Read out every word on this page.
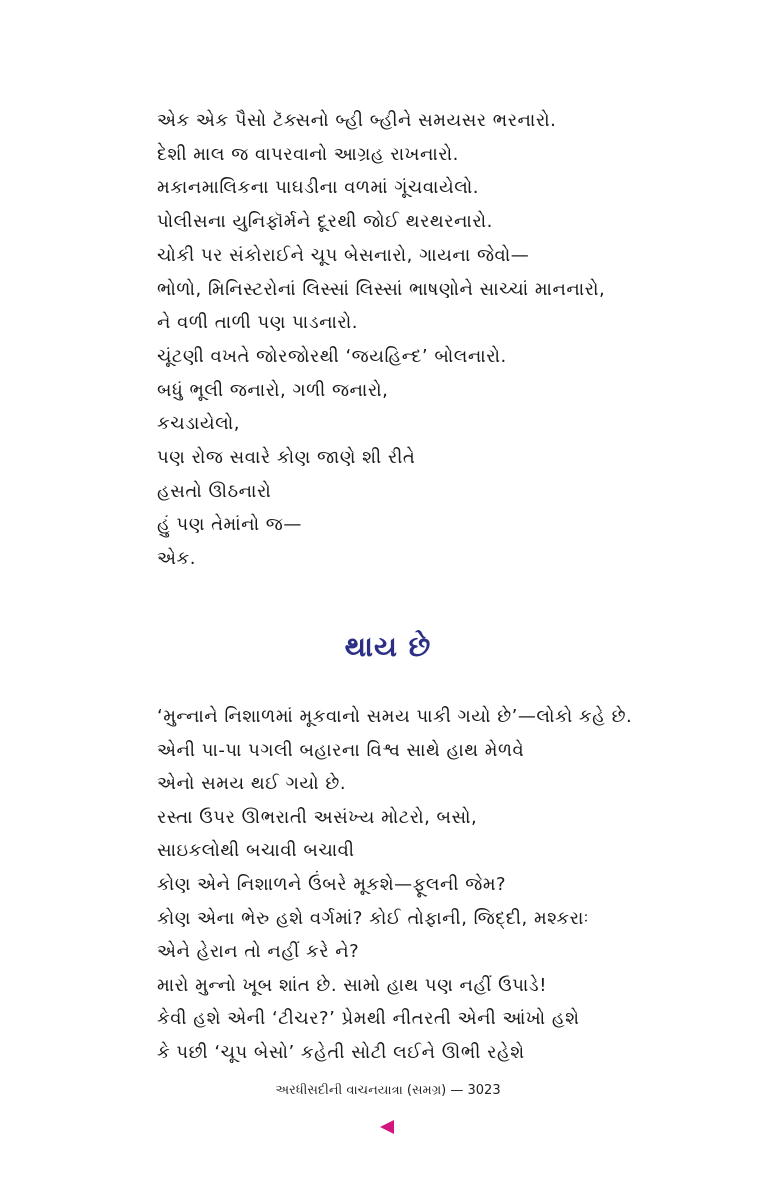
એક એક પૈસો ટૅક્સનો બ્હી બ્હીને સમયસર ભરનારો.
દેશી માલ જ વાપરવાનો આગ્રહ રાખનારો.
મકાનમાલિકના પાઘડીના વળમાં ગૂંચવાયેલો.
પોલીસના યુનિફૉર્મને દૂરથી જોઈ થરથરનારો.
ચોકી પર સંકોરાઈને ચૂપ બેસનારો, ગાયના જેવો—
ભોળો, મિનિસ્ટરોનાં લિસ્સાં લિસ્સાં ભાષણોને સાચ્ચાં માનનારો,
ને વળી તાળી પણ પાડનારો.
ચૂંટણી વખતે જોરજોરથી ‘જયહિન્દ’ બોલનારો.
બધું ભૂલી જનારો, ગળી જનારો,
કચડાયેલો,
પણ રોજ સવારે કોણ જાણે શી રીતે
હસતો ઊઠનારો
હું પણ તેમાંનો જ—
એક.
થાય છે
‘મુન્નાને નિશાળમાં મૂકવાનો સમય પાકી ગયો છે’—લોકો કહે છે.
એની પા-પા પગલી બહારના વિશ્વ સાથે હાથ મેળવે
એનો સમય થઈ ગયો છે.
રસ્તા ઉપર ઊભરાતી અસંખ્ય મોટરો, બસો,
સાઇકલોથી બચાવી બચાવી
કોણ એને નિશાળને ઉંબરે મૂકશે—ફૂલની જેમ?
કોણ એના ભેરુ હશે વર્ગમાં? કોઈ તોફાની, જિદ્દી, મશ્કરાઃ
એને હેરાન તો નહીં કરે ને?
મારો મુન્નો ખૂબ શાંત છે. સામો હાથ પણ નહીં ઉપાડે!
કેવી હશે એની ‘ટીચર?’ પ્રેમથી નીતરતી એની આંખો હશે
કે પછી ‘ચૂપ બેસો’ કહેતી સોટી લઈને ઊભી રહેશે
અરધીસદીની વાચનયાત્રા (સમગ્ર) — 3023
